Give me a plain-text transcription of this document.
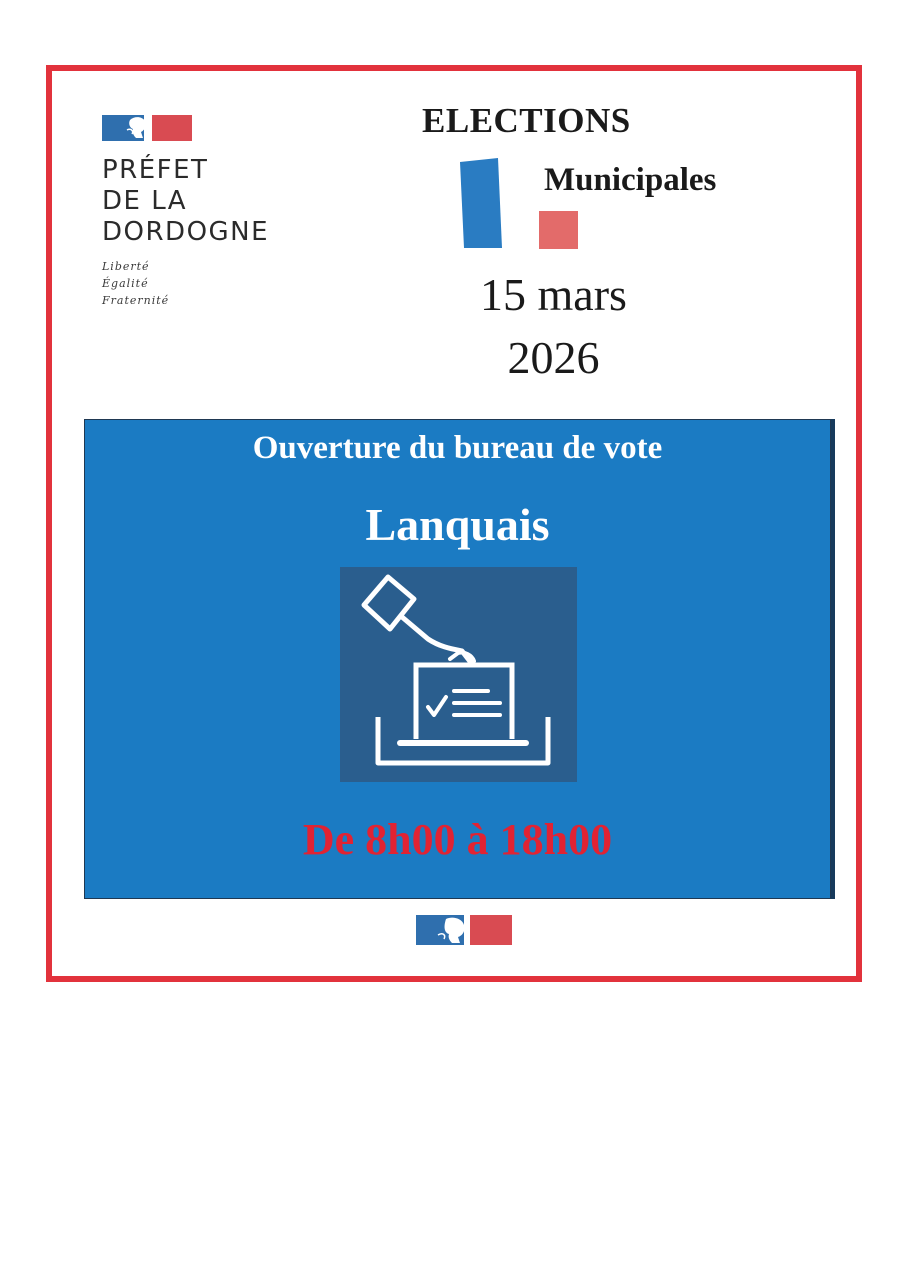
PRÉFET
DE LA
DORDOGNE
Liberté
Égalité
Fraternité
ELECTIONS
Municipales
15 mars
2026
Ouverture du bureau de vote
Lanquais
De 8h00 à 18h00
